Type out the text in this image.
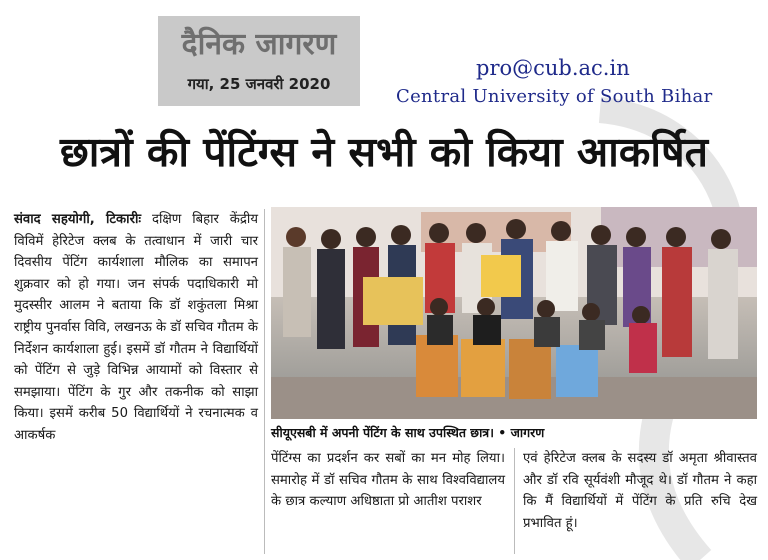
दैनिक जागरण
गया, 25 जनवरी 2020
pro@cub.ac.in
Central University of South Bihar
छात्रों की पेंटिंग्स ने सभी को किया आकर्षित
संवाद सहयोगी, टिकारीः दक्षिण बिहार केंद्रीय विविमें हेरिटेज क्लब के तत्वाधान में जारी चार दिवसीय पेंटिंग कार्यशाला मौलिक का समापन शुक्रवार को हो गया। जन संपर्क पदाधिकारी मो मुदस्सीर आलम ने बताया कि डॉ शकुंतला मिश्रा राष्ट्रीय पुनर्वास विवि, लखनऊ के डॉ सचिव गौतम के निर्देशन कार्यशाला हुई। इसमें डॉ गौतम ने विद्यार्थियों को पेंटिंग से जुड़े विभिन्न आयामों को विस्तार से समझाया। पेंटिंग के गुर और तकनीक को साझा किया। इसमें करीब 50 विद्यार्थियों ने रचनात्मक व आकर्षक	सीयूएसबी में अपनी पेंटिंग के साथ उपस्थित छात्र। • जागरण
पेंटिंग्स का प्रदर्शन कर सबों का मन मोह लिया। समारोह में डॉ सचिव गौतम के साथ विश्वविद्यालय के छात्र कल्याण अधिष्ठाता प्रो आतीश पराशर
एवं हेरिटेज क्लब के सदस्य डॉ अमृता श्रीवास्तव और डॉ रवि सूर्यवंशी मौजूद थे। डॉ गौतम ने कहा कि मैं विद्यार्थियों में पेंटिंग के प्रति रुचि देख प्रभावित हूं।
